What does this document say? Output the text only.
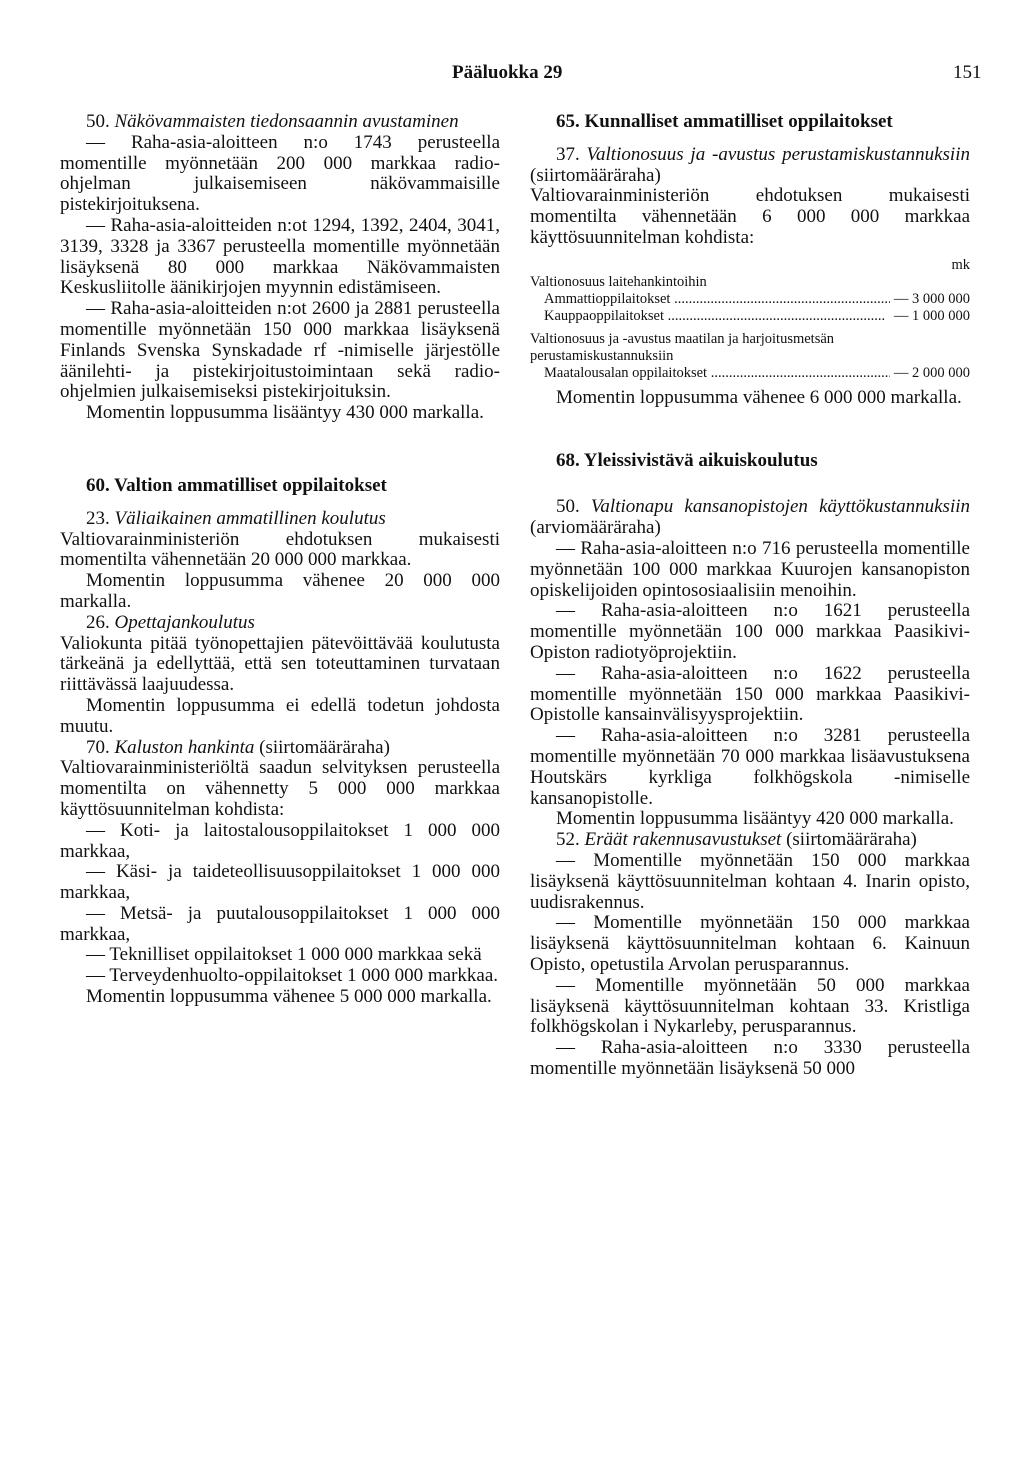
Pääluokka 29	151

50. Näkövammaisten tiedonsaannin avustaminen

— Raha-asia-aloitteen n:o 1743 perusteella momentille myönnetään 200 000 markkaa radio-ohjelman julkaisemiseen näkövammaisille pistekirjoituksena.

— Raha-asia-aloitteiden n:ot 1294, 1392, 2404, 3041, 3139, 3328 ja 3367 perusteella momentille myönnetään lisäyksenä 80 000 markkaa Näkövammaisten Keskusliitolle äänikirjojen myynnin edistämiseen.

— Raha-asia-aloitteiden n:ot 2600 ja 2881 perusteella momentille myönnetään 150 000 markkaa lisäyksenä Finlands Svenska Synskadade rf -nimiselle järjestölle äänilehti- ja pistekirjoitustoimintaan sekä radio-ohjelmien julkaisemiseksi pistekirjoituksin.

Momentin loppusumma lisääntyy 430 000 markalla.

60. Valtion ammatilliset oppilaitokset

23. Väliaikainen ammatillinen koulutus

Valtiovarainministeriön ehdotuksen mukaisesti momentilta vähennetään 20 000 000 markkaa.

Momentin loppusumma vähenee 20 000 000 markalla.

26. Opettajankoulutus

Valiokunta pitää työnopettajien pätevöittävää koulutusta tärkeänä ja edellyttää, että sen toteuttaminen turvataan riittävässä laajuudessa.

Momentin loppusumma ei edellä todetun johdosta muutu.

70. Kaluston hankinta (siirtomääräraha)

Valtiovarainministeriöltä saadun selvityksen perusteella momentilta on vähennetty 5 000 000 markkaa käyttösuunnitelman kohdista:

— Koti- ja laitostalousoppilaitokset 1 000 000 markkaa,

— Käsi- ja taideteollisuusoppilaitokset 1 000 000 markkaa,

— Metsä- ja puutalousoppilaitokset 1 000 000 markkaa,

— Teknilliset oppilaitokset 1 000 000 markkaa sekä

— Terveydenhuolto-oppilaitokset 1 000 000 markkaa.

Momentin loppusumma vähenee 5 000 000 markalla.

65. Kunnalliset ammatilliset oppilaitokset

37. Valtionosuus ja -avustus perustamiskustannuksiin (siirtomääräraha)

Valtiovarainministeriön ehdotuksen mukaisesti momentilta vähennetään 6 000 000 markkaa käyttösuunnitelman kohdista:

mk
Valtionosuus laitehankintoihin
Ammattioppilaitokset .....	— 3 000 000
Kauppaoppilaitokset .....	— 1 000 000
Valtionosuus ja -avustus maatilan ja harjoitusmetsän perustamiskustannuksiin
Maatalousalan oppilaitokset .....	— 2 000 000

Momentin loppusumma vähenee 6 000 000 markalla.

68. Yleissivistävä aikuiskoulutus

50. Valtionapu kansanopistojen käyttökustannuksiin (arviomääräraha)

— Raha-asia-aloitteen n:o 716 perusteella momentille myönnetään 100 000 markkaa Kuurojen kansanopiston opiskelijoiden opintososiaalisiin menoihin.

— Raha-asia-aloitteen n:o 1621 perusteella momentille myönnetään 100 000 markkaa Paasikivi-Opiston radiotyöprojektiin.

— Raha-asia-aloitteen n:o 1622 perusteella momentille myönnetään 150 000 markkaa Paasikivi-Opistolle kansainvälisyysprojektiin.

— Raha-asia-aloitteen n:o 3281 perusteella momentille myönnetään 70 000 markkaa lisäavustuksena Houtskärs kyrkliga folkhögskola -nimiselle kansanopistolle.

Momentin loppusumma lisääntyy 420 000 markalla.

52. Eräät rakennusavustukset (siirtomääräraha)

— Momentille myönnetään 150 000 markkaa lisäyksenä käyttösuunnitelman kohtaan 4. Inarin opisto, uudisrakennus.

— Momentille myönnetään 150 000 markkaa lisäyksenä käyttösuunnitelman kohtaan 6. Kainuun Opisto, opetustila Arvolan perusparannus.

— Momentille myönnetään 50 000 markkaa lisäyksenä käyttösuunnitelman kohtaan 33. Kristliga folkhögskolan i Nykarleby, perusparannus.

— Raha-asia-aloitteen n:o 3330 perusteella momentille myönnetään lisäyksenä 50 000
